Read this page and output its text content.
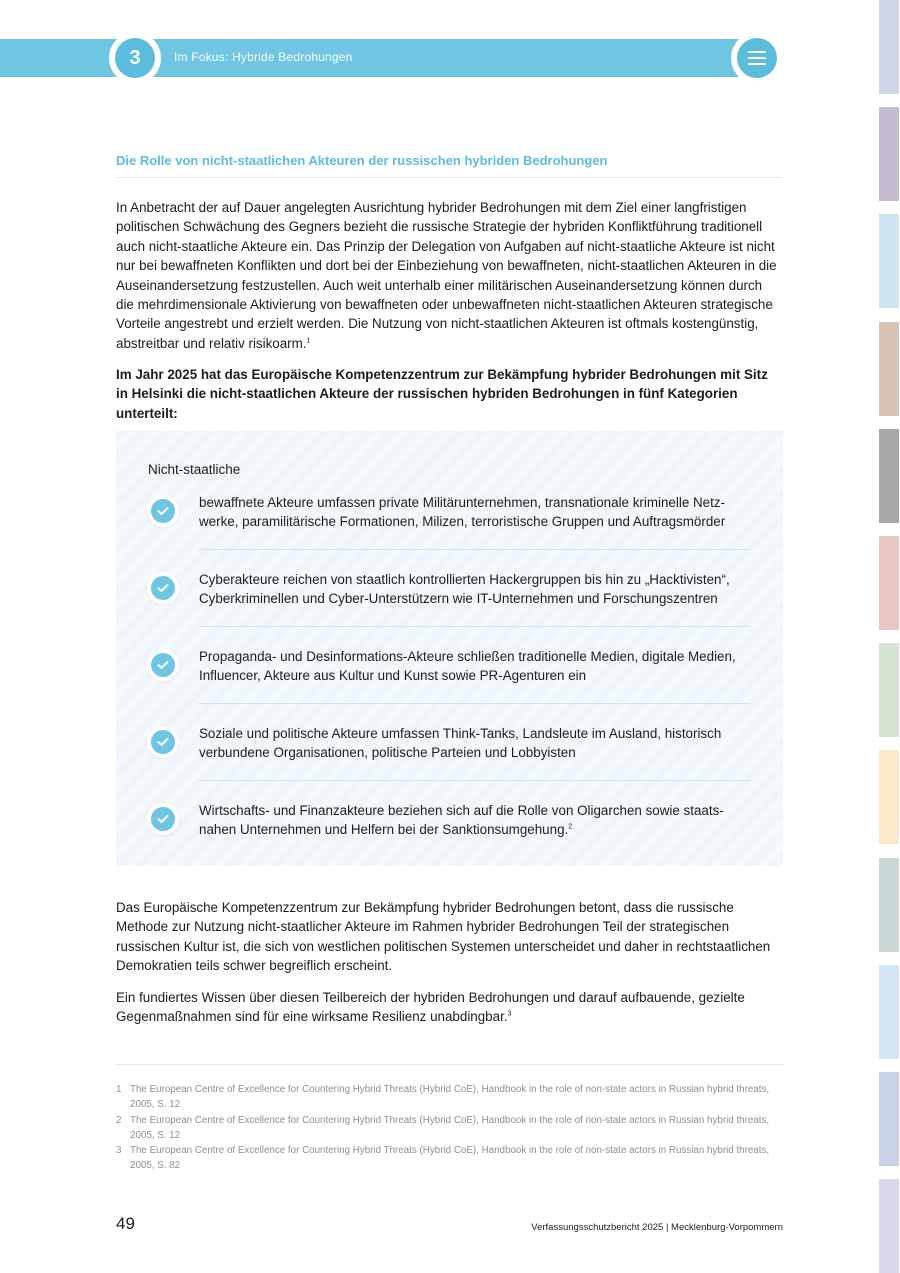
3	Im Fokus: Hybride Bedrohungen
Die Rolle von nicht-staatlichen Akteuren der russischen hybriden Bedrohungen

In Anbetracht der auf Dauer angelegten Ausrichtung hybrider Bedrohungen mit dem Ziel einer langfristigen politischen Schwächung des Gegners bezieht die russische Strategie der hybriden Konfliktführung traditionell auch nicht-staatliche Akteure ein. Das Prinzip der Delegation von Aufgaben auf nicht-staatliche Akteure ist nicht nur bei bewaffneten Konflikten und dort bei der Einbeziehung von bewaffneten, nicht-staatlichen Akteuren in die Auseinandersetzung festzustellen. Auch weit unterhalb einer militärischen Auseinandersetzung können durch die mehrdimensionale Aktivierung von bewaffneten oder unbewaffneten nicht-staatlichen Akteuren strategische Vorteile angestrebt und erzielt werden. Die Nutzung von nicht-staatlichen Akteuren ist oftmals kostengünstig, abstreitbar und relativ risikoarm.$^1$

Im Jahr 2025 hat das Europäische Kompetenzzentrum zur Bekämpfung hybrider Bedrohungen mit Sitz in Helsinki die nicht-staatlichen Akteure der russischen hybriden Bedrohungen in fünf Kategorien unterteilt:

Nicht-staatliche
bewaffnete Akteure umfassen private Militärunternehmen, transnationale kriminelle Netz-werke, paramilitärische Formationen, Milizen, terroristische Gruppen und Auftragsmörder
Cyberakteure reichen von staatlich kontrollierten Hackergruppen bis hin zu „Hacktivisten“, Cyberkriminellen und Cyber-Unterstützern wie IT-Unternehmen und Forschungszentren
Propaganda- und Desinformations-Akteure schließen traditionelle Medien, digitale Medien, Influencer, Akteure aus Kultur und Kunst sowie PR-Agenturen ein
Soziale und politische Akteure umfassen Think-Tanks, Landsleute im Ausland, historisch verbundene Organisationen, politische Parteien und Lobbyisten
Wirtschafts- und Finanzakteure beziehen sich auf die Rolle von Oligarchen sowie staats-nahen Unternehmen und Helfern bei der Sanktionsumgehung.$^2$

Das Europäische Kompetenzzentrum zur Bekämpfung hybrider Bedrohungen betont, dass die russische Methode zur Nutzung nicht-staatlicher Akteure im Rahmen hybrider Bedrohungen Teil der strategischen russischen Kultur ist, die sich von westlichen politischen Systemen unterscheidet und daher in rechtstaatlichen Demokratien teils schwer begreiflich erscheint.

Ein fundiertes Wissen über diesen Teilbereich der hybriden Bedrohungen und darauf aufbauende, gezielte Gegenmaßnahmen sind für eine wirksame Resilienz unabdingbar.$^3$

1 The European Centre of Excellence for Countering Hybrid Threats (Hybrid CoE), Handbook in the role of non-state actors in Russian hybrid threats, 2005, S. 12
2 The European Centre of Excellence for Countering Hybrid Threats (Hybrid CoE), Handbook in the role of non-state actors in Russian hybrid threats, 2005, S. 12
3 The European Centre of Excellence for Countering Hybrid Threats (Hybrid CoE), Handbook in the role of non-state actors in Russian hybrid threats, 2005, S. 82
49	Verfassungsschutzbericht 2025 | Mecklenburg-Vorpommern
